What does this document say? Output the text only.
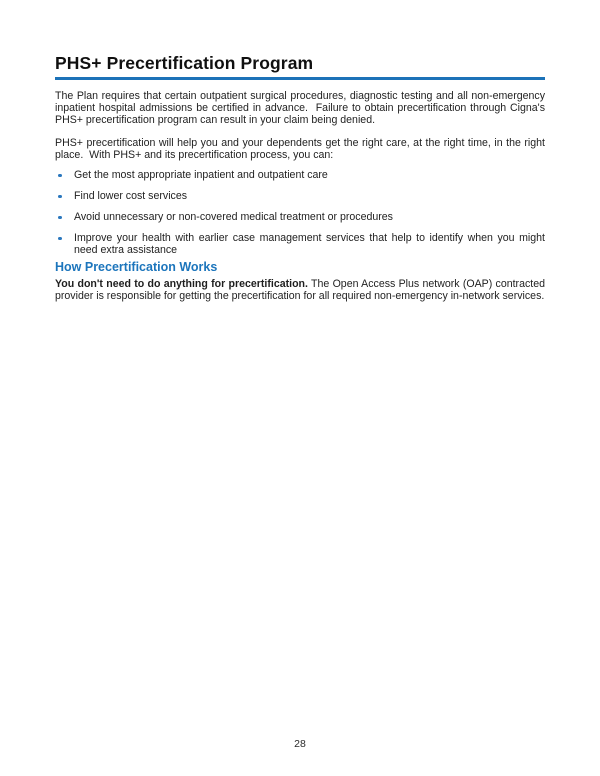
PHS+ Precertification Program

The Plan requires that certain outpatient surgical procedures, diagnostic testing and all non-emergency inpatient hospital admissions be certified in advance.  Failure to obtain precertification through Cigna's PHS+ precertification program can result in your claim being denied.

PHS+ precertification will help you and your dependents get the right care, at the right time, in the right place.  With PHS+ and its precertification process, you can:

Get the most appropriate inpatient and outpatient care
Find lower cost services
Avoid unnecessary or non-covered medical treatment or procedures
Improve your health with earlier case management services that help to identify when you might need extra assistance
How Precertification Works

You don't need to do anything for precertification. The Open Access Plus network (OAP) contracted provider is responsible for getting the precertification for all required non-emergency in-network services.

28
